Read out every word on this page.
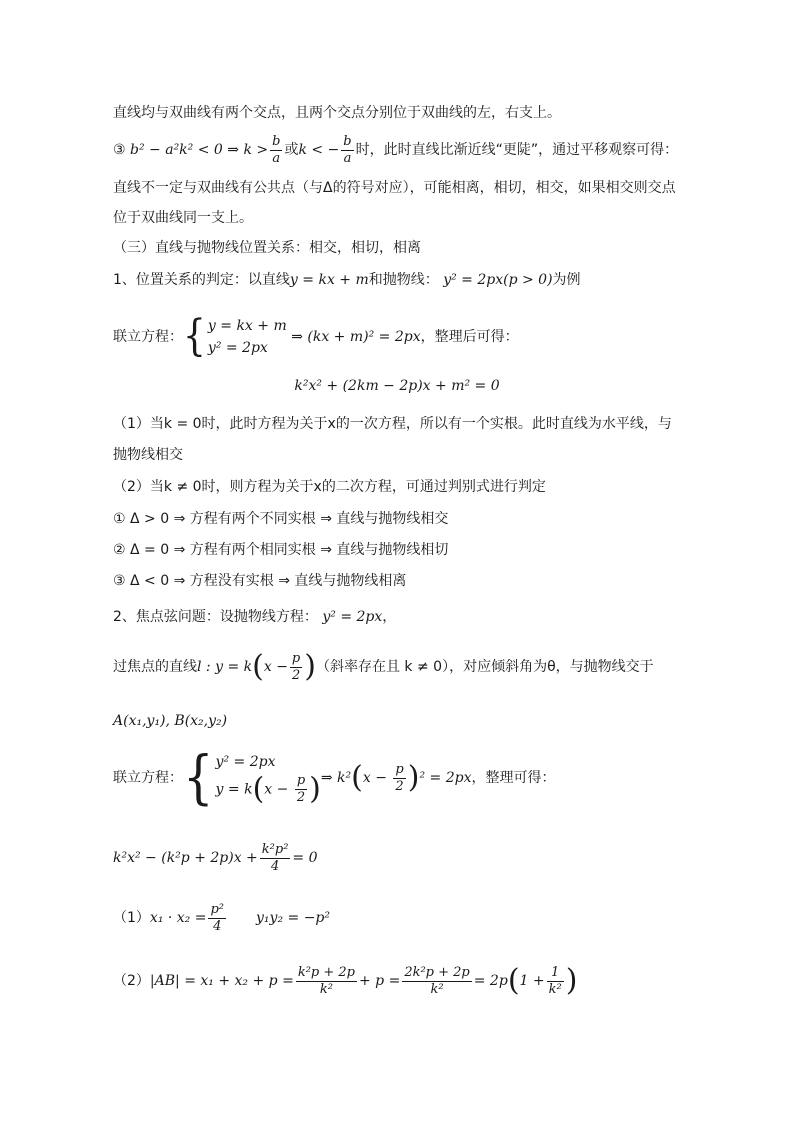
直线均与双曲线有两个交点，且两个交点分别位于双曲线的左，右支上。
③ b² − a²k² < 0 ⇒ $k > \frac{b}{a}$ 或k < − $\frac{b}{a}$ 时，此时直线比渐近线“更陡”，通过平移观察可得：
直线不一定与双曲线有公共点（与Δ的符号对应），可能相离，相切，相交，如果相交则交点
位于双曲线同一支上。
（三）直线与抛物线位置关系：相交，相切，相离
1、位置关系的判定：以直线y = kx + m和抛物线： y² = 2px(p > 0)为例
联立方程：{ y = kx + m
y² = 2px
⇒ (kx + m)² = 2px，整理后可得：
k²x² + (2km − 2p)x + m² = 0
（1）当k = 0时，此时方程为关于x的一次方程，所以有一个实根。此时直线为水平线，与
抛物线相交
（2）当k ≠ 0时，则方程为关于x的二次方程，可通过判别式进行判定
① Δ > 0 ⇒ 方程有两个不同实根 ⇒ 直线与抛物线相交
② Δ = 0 ⇒ 方程有两个相同实根 ⇒ 直线与抛物线相切
③ Δ < 0 ⇒ 方程没有实根 ⇒ 直线与抛物线相离
2、焦点弦问题：设抛物线方程： y² = 2px，
过焦点的直线l : $y = k(x - \frac{p}{2}$ )（斜率存在且 k ≠ 0），对应倾斜角为θ，与抛物线交于
A(x₁,y₁), B(x₂,y₂)
联立方程：{ y² = 2px
$y = k(x - \frac{p}{2}$ ) ⇒ $k^2(x - \frac{p}{2} )^2 = 2px$，整理可得：
$k^2x^2 - (k^2p + 2p)x + \frac{\text{k²p²}}{4} = 0$
$(1)x_1 \cdot x_2 = \frac{\text{p²}}{4} y_1y_2 = -p^2$
$(2)|AB| = x_1 + x_2 + p = \frac{\text{k²p + 2p}}{\text{k²}} + p = \frac{\text{2k²p + 2p}}{\text{k²}} = 2p(1 + \frac{1}{\text{k²}}$ )
